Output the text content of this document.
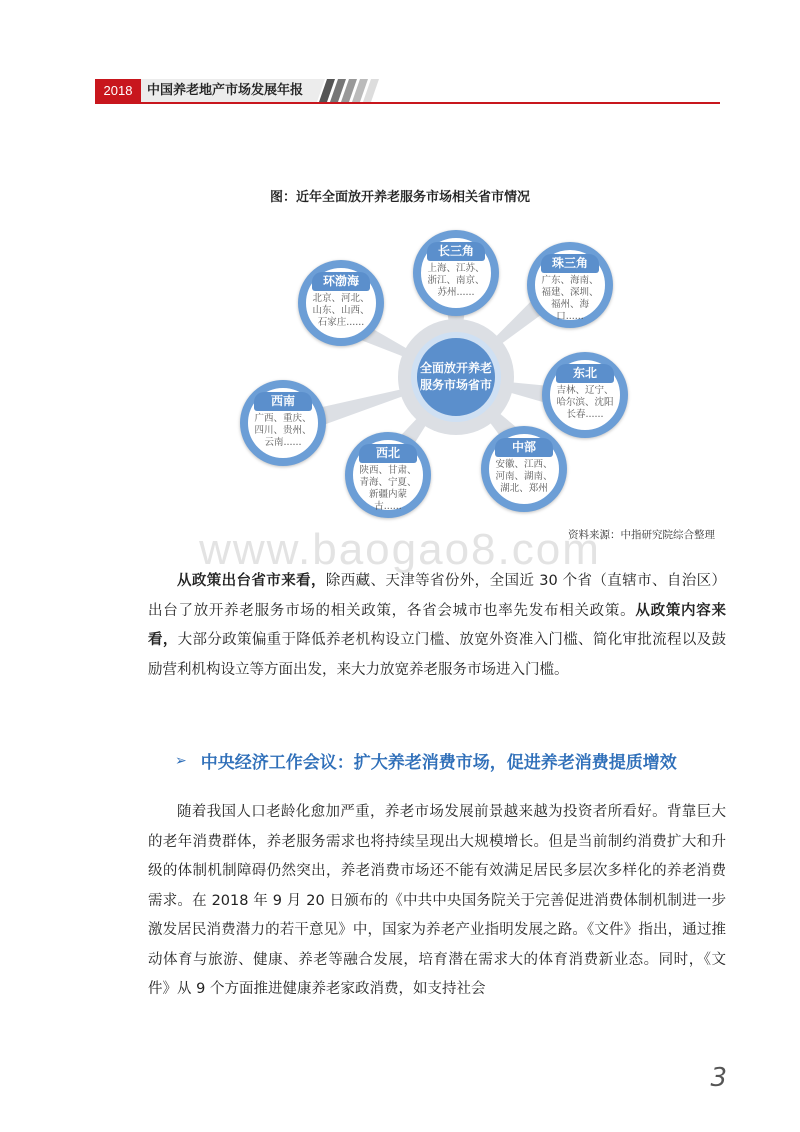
2018	中国养老地产市场发展年报
图：近年全面放开养老服务市场相关省市情况
长三角
上海、江苏、浙江、南京、苏州......
珠三角
广东、海南、福建、深圳、福州、海口......
环渤海
北京、河北、山东、山西、石家庄......
东北
吉林、辽宁、哈尔滨、沈阳长春......
西南
广西、重庆、四川、贵州、云南......
西北
陕西、甘肃、青海、宁夏、新疆内蒙古......
中部
安徽、江西、河南、湖南、湖北、郑州
全面放开养老服务市场省市
资料来源：中指研究院综合整理
www.baogao8.com
从政策出台省市来看，除西藏、天津等省份外，全国近 30 个省（直辖市、自治区）出台了放开养老服务市场的相关政策，各省会城市也率先发布相关政策。从政策内容来看，大部分政策偏重于降低养老机构设立门槛、放宽外资准入门槛、简化审批流程以及鼓励营利机构设立等方面出发，来大力放宽养老服务市场进入门槛。
➢ 中央经济工作会议：扩大养老消费市场，促进养老消费提质增效
随着我国人口老龄化愈加严重，养老市场发展前景越来越为投资者所看好。背靠巨大的老年消费群体，养老服务需求也将持续呈现出大规模增长。但是当前制约消费扩大和升级的体制机制障碍仍然突出，养老消费市场还不能有效满足居民多层次多样化的养老消费需求。在 2018 年 9 月 20 日颁布的《中共中央国务院关于完善促进消费体制机制进一步激发居民消费潜力的若干意见》中，国家为养老产业指明发展之路。《文件》指出，通过推动体育与旅游、健康、养老等融合发展，培育潜在需求大的体育消费新业态。同时，《文件》从 9 个方面推进健康养老家政消费，如支持社会
3
